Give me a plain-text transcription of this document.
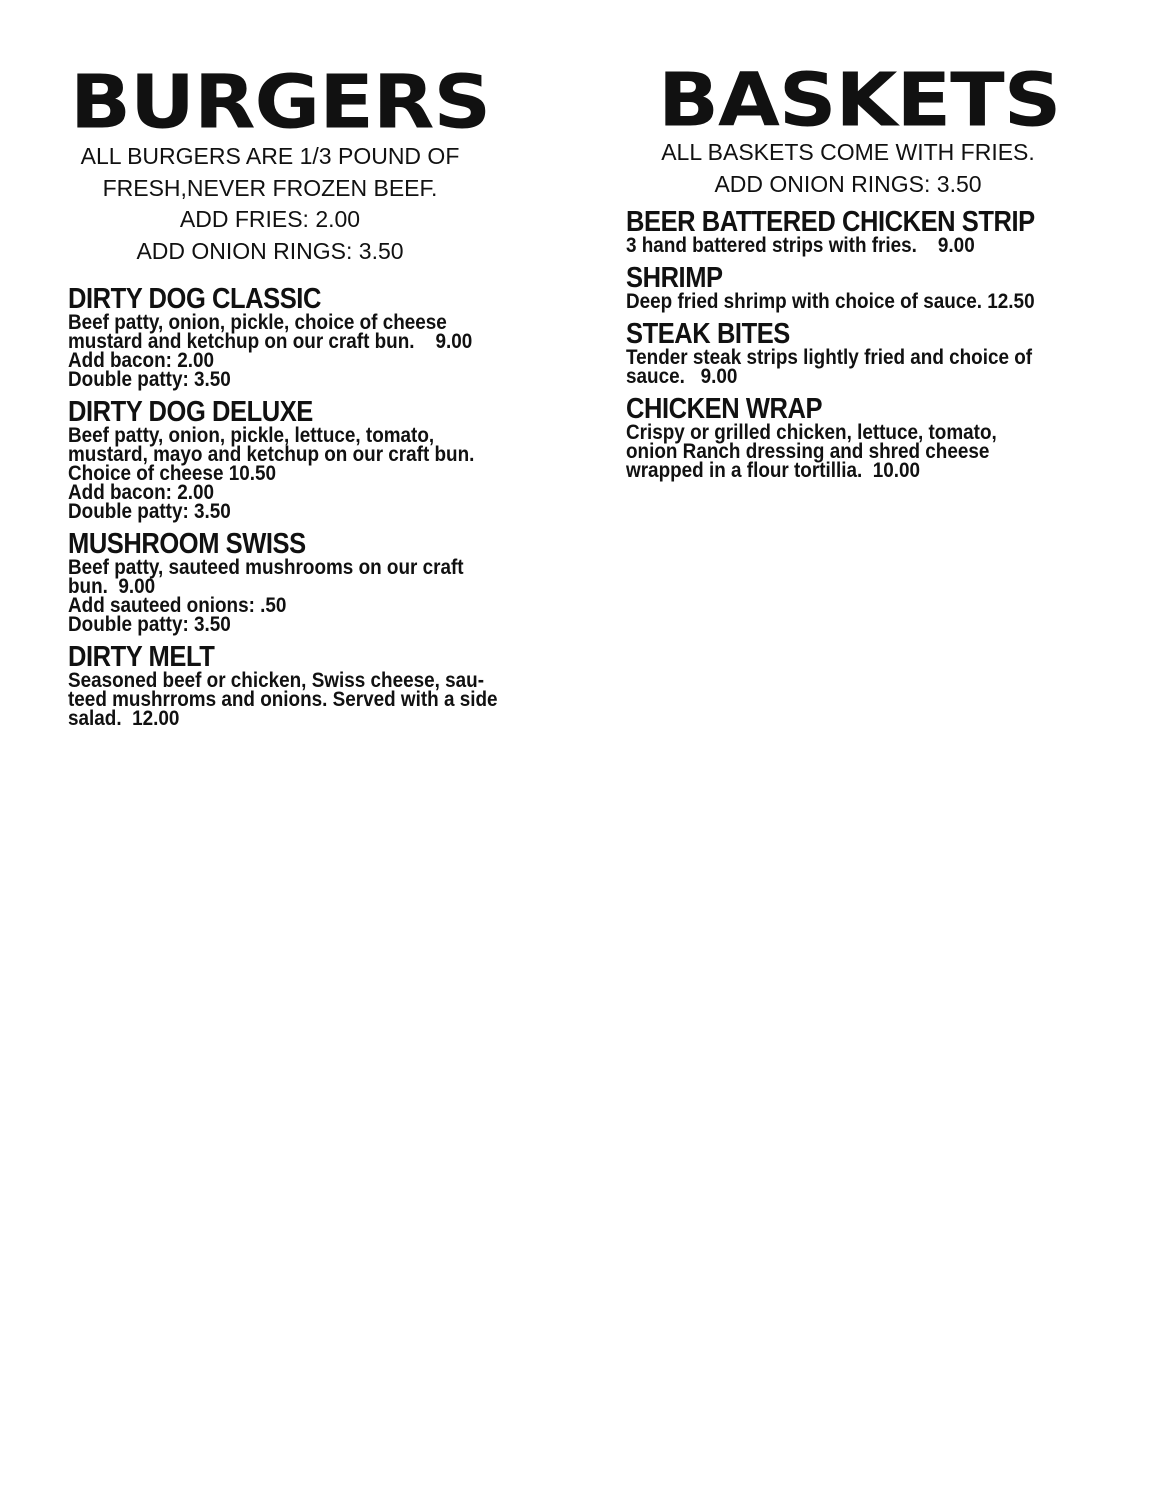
BURGERS
ALL BURGERS ARE 1/3 POUND OF
FRESH,NEVER FROZEN BEEF.
ADD FRIES: 2.00
ADD ONION RINGS: 3.50
DIRTY DOG CLASSIC
Beef patty, onion, pickle, choice of cheese
mustard and ketchup on our craft bun.    9.00
Add bacon: 2.00
Double patty: 3.50
DIRTY DOG DELUXE
Beef patty, onion, pickle, lettuce, tomato,
mustard, mayo and ketchup on our craft bun.
Choice of cheese 10.50
Add bacon: 2.00
Double patty: 3.50
MUSHROOM SWISS
Beef patty, sauteed mushrooms on our craft
bun.  9.00
Add sauteed onions: .50
Double patty: 3.50
DIRTY MELT
Seasoned beef or chicken, Swiss cheese, sau-
teed mushrroms and onions. Served with a side
salad.  12.00
BASKETS
ALL BASKETS COME WITH FRIES.
ADD ONION RINGS: 3.50
BEER BATTERED CHICKEN STRIP
3 hand battered strips with fries.    9.00
SHRIMP
Deep fried shrimp with choice of sauce. 12.50
STEAK BITES
Tender steak strips lightly fried and choice of
sauce.   9.00
CHICKEN WRAP
Crispy or grilled chicken, lettuce, tomato,
onion Ranch dressing and shred cheese
wrapped in a flour tortillia.  10.00
